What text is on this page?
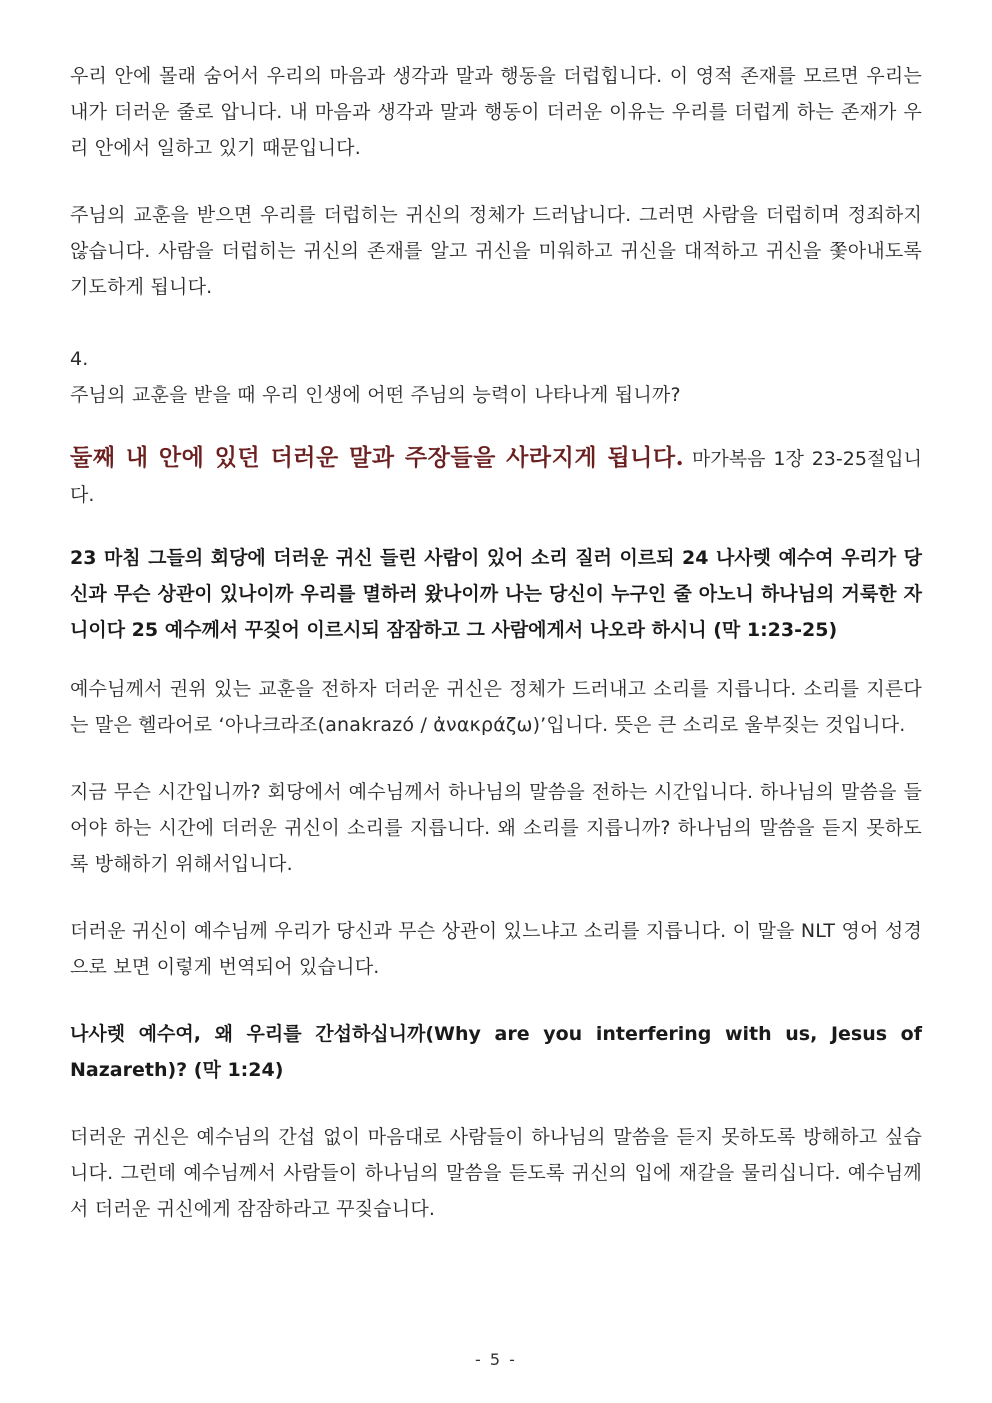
우리 안에 몰래 숨어서 우리의 마음과 생각과 말과 행동을 더럽힙니다. 이 영적 존재를 모르면 우리는 내가 더러운 줄로 압니다. 내 마음과 생각과 말과 행동이 더러운 이유는 우리를 더럽게 하는 존재가 우리 안에서 일하고 있기 때문입니다.

주님의 교훈을 받으면 우리를 더럽히는 귀신의 정체가 드러납니다. 그러면 사람을 더럽히며 정죄하지 않습니다. 사람을 더럽히는 귀신의 존재를 알고 귀신을 미워하고 귀신을 대적하고 귀신을 쫓아내도록 기도하게 됩니다.

4.

주님의 교훈을 받을 때 우리 인생에 어떤 주님의 능력이 나타나게 됩니까?

둘째 내 안에 있던 더러운 말과 주장들을 사라지게 됩니다. 마가복음 1장 23-25절입니다.

23 마침 그들의 회당에 더러운 귀신 들린 사람이 있어 소리 질러 이르되 24 나사렛 예수여 우리가 당신과 무슨 상관이 있나이까 우리를 멸하러 왔나이까 나는 당신이 누구인 줄 아노니 하나님의 거룩한 자니이다 25 예수께서 꾸짖어 이르시되 잠잠하고 그 사람에게서 나오라 하시니 (막 1:23-25)

예수님께서 권위 있는 교훈을 전하자 더러운 귀신은 정체가 드러내고 소리를 지릅니다. 소리를 지른다는 말은 헬라어로 ‘아나크라조(anakrazó / ἀνακράζω)’입니다. 뜻은 큰 소리로 울부짖는 것입니다.

지금 무슨 시간입니까? 회당에서 예수님께서 하나님의 말씀을 전하는 시간입니다. 하나님의 말씀을 들어야 하는 시간에 더러운 귀신이 소리를 지릅니다. 왜 소리를 지릅니까? 하나님의 말씀을 듣지 못하도록 방해하기 위해서입니다.

더러운 귀신이 예수님께 우리가 당신과 무슨 상관이 있느냐고 소리를 지릅니다. 이 말을 NLT 영어 성경으로 보면 이렇게 번역되어 있습니다.

나사렛 예수여, 왜 우리를 간섭하십니까(Why are you interfering with us, Jesus of Nazareth)? (막 1:24)

더러운 귀신은 예수님의 간섭 없이 마음대로 사람들이 하나님의 말씀을 듣지 못하도록 방해하고 싶습니다. 그런데 예수님께서 사람들이 하나님의 말씀을 듣도록 귀신의 입에 재갈을 물리십니다. 예수님께서 더러운 귀신에게 잠잠하라고 꾸짖습니다.

- 5 -
